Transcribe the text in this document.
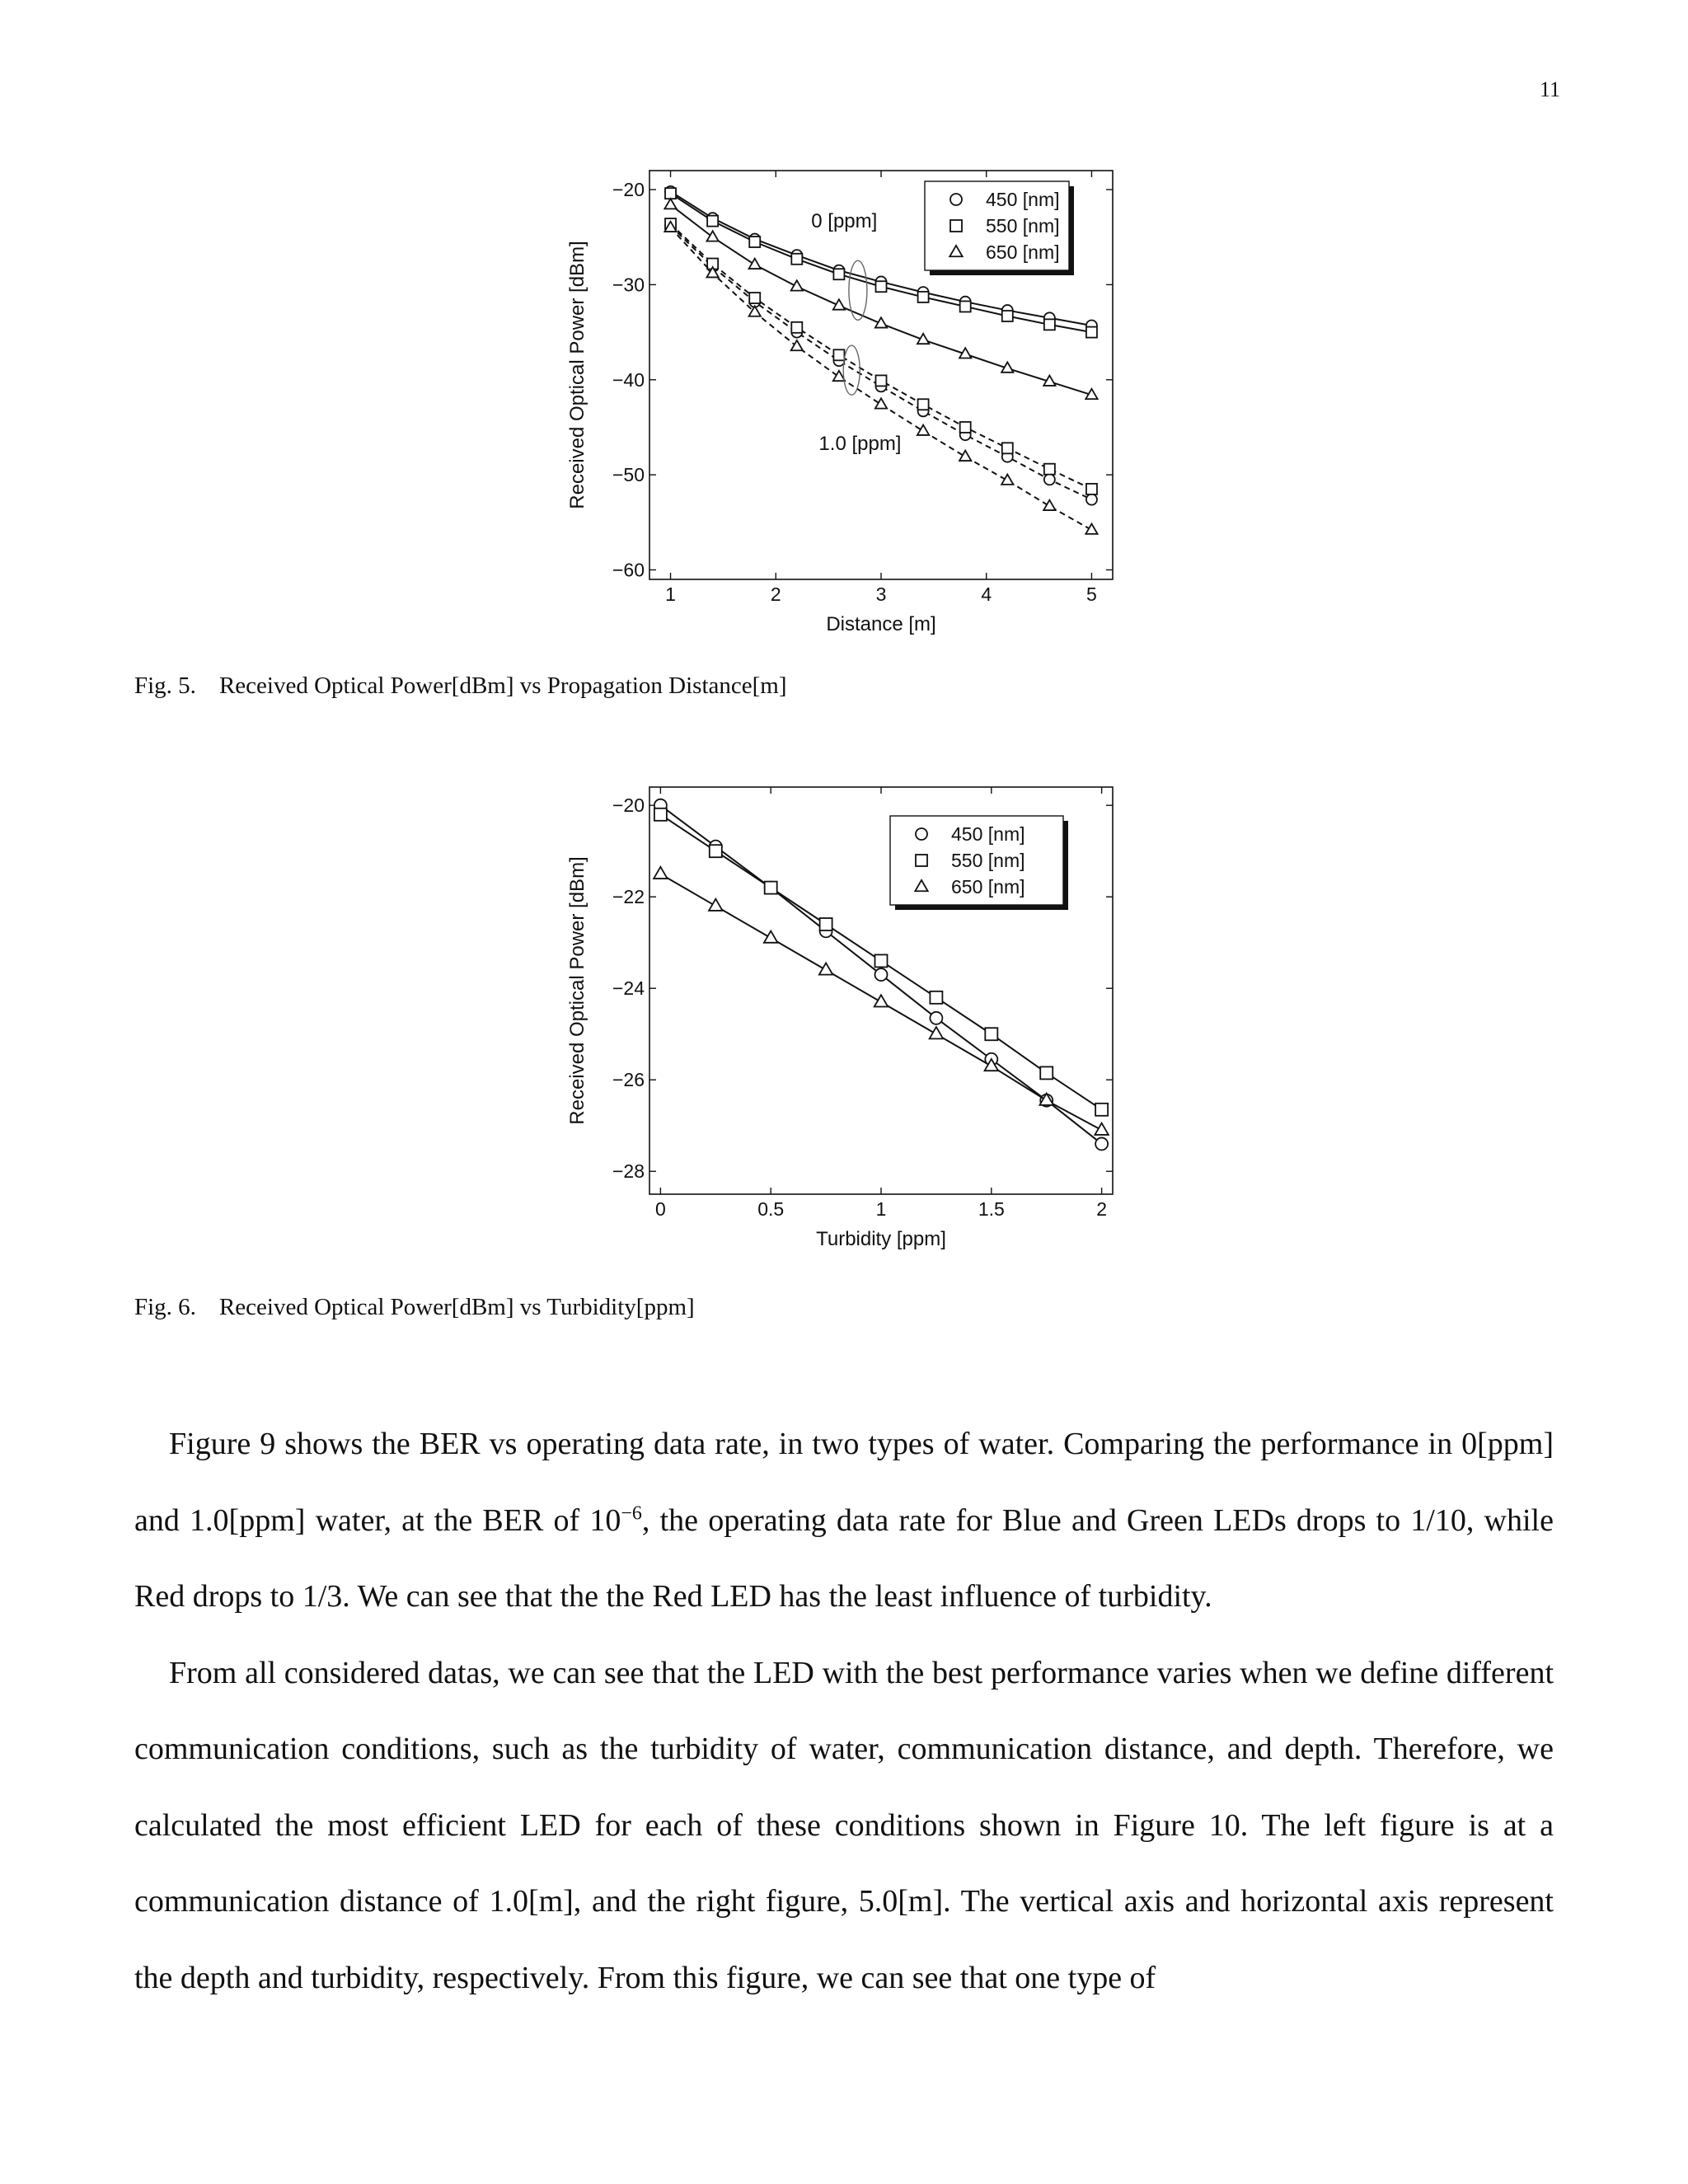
11
1	2	3	4	5
−20
−30
−40
−50
−60
Distance [m]
Received Optical Power [dBm]
450 [nm]
550 [nm]
650 [nm]
0 [ppm]
1.0 [ppm]
Fig. 5. Received Optical Power[dBm] vs Propagation Distance[m]
0	0.5	1	1.5	2
−20
−22
−24
−26
−28
Turbidity [ppm]
Received Optical Power [dBm]
450 [nm]
550 [nm]
650 [nm]
Fig. 6. Received Optical Power[dBm] vs Turbidity[ppm]

Figure 9 shows the BER vs operating data rate, in two types of water. Comparing the performance in 0[ppm] and 1.0[ppm] water, at the BER of $10^{-6}$, the operating data rate for Blue and Green LEDs drops to 1/10, while Red drops to 1/3. We can see that the the Red LED has the least influence of turbidity.

From all considered datas, we can see that the LED with the best performance varies when we define different communication conditions, such as the turbidity of water, communication distance, and depth. Therefore, we calculated the most efficient LED for each of these conditions shown in Figure 10. The left figure is at a communication distance of 1.0[m], and the right figure, 5.0[m]. The vertical axis and horizontal axis represent the depth and turbidity, respectively. From this figure, we can see that one type of
